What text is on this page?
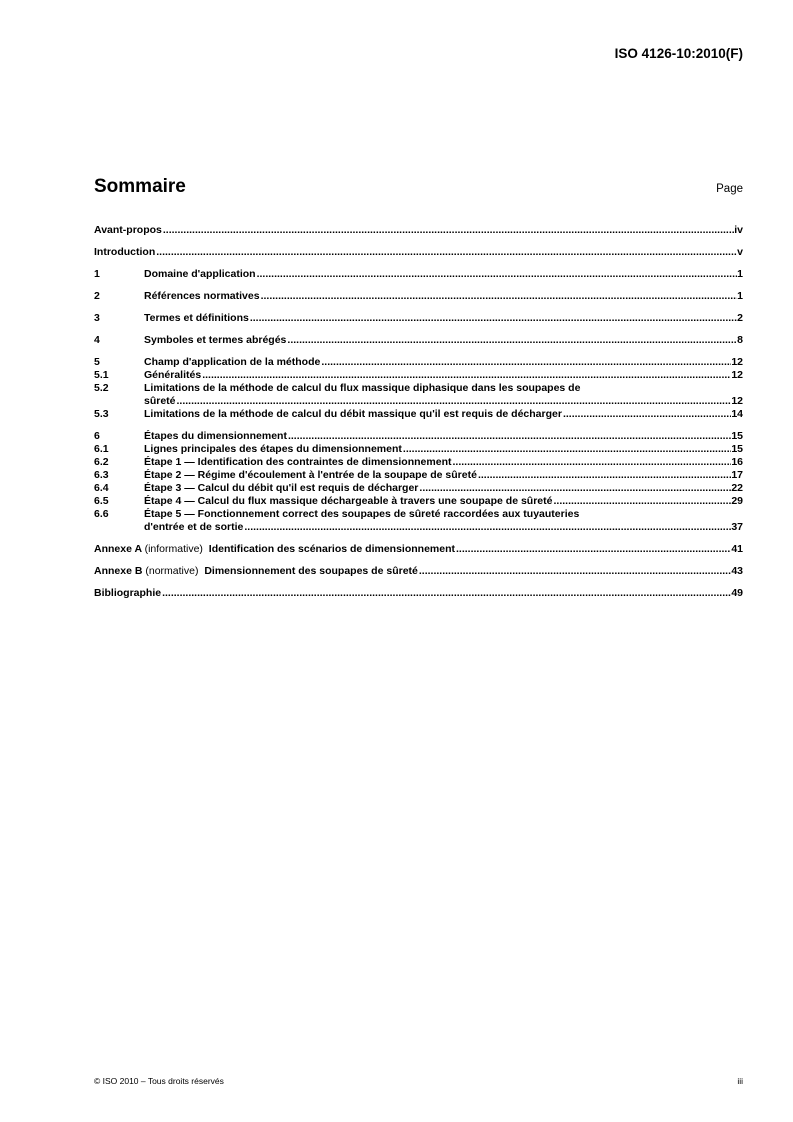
ISO 4126-10:2010(F)
Sommaire	Page
Avant-propos .....	iv
Introduction .....	v
1	Domaine d'application .....	1
2	Références normatives .....	1
3	Termes et définitions .....	2
4	Symboles et termes abrégés .....	8
5	Champ d'application de la méthode .....	12
5.1	Généralités .....	12
5.2	Limitations de la méthode de calcul du flux massique diphasique dans les soupapes de
sûreté .....	12
5.3	Limitations de la méthode de calcul du débit massique qu'il est requis de décharger .....	14
6	Étapes du dimensionnement .....	15
6.1	Lignes principales des étapes du dimensionnement .....	15
6.2	Étape 1 — Identification des contraintes de dimensionnement .....	16
6.3	Étape 2 — Régime d'écoulement à l'entrée de la soupape de sûreté .....	17
6.4	Étape 3 — Calcul du débit qu'il est requis de décharger .....	22
6.5	Étape 4 — Calcul du flux massique déchargeable à travers une soupape de sûreté .....	29
6.6	Étape 5 — Fonctionnement correct des soupapes de sûreté raccordées aux tuyauteries
d'entrée et de sortie .....	37
Annexe A (informative) Identification des scénarios de dimensionnement .....	41
Annexe B (normative) Dimensionnement des soupapes de sûreté .....	43
Bibliographie .....	49
© ISO 2010 – Tous droits réservés	iii
